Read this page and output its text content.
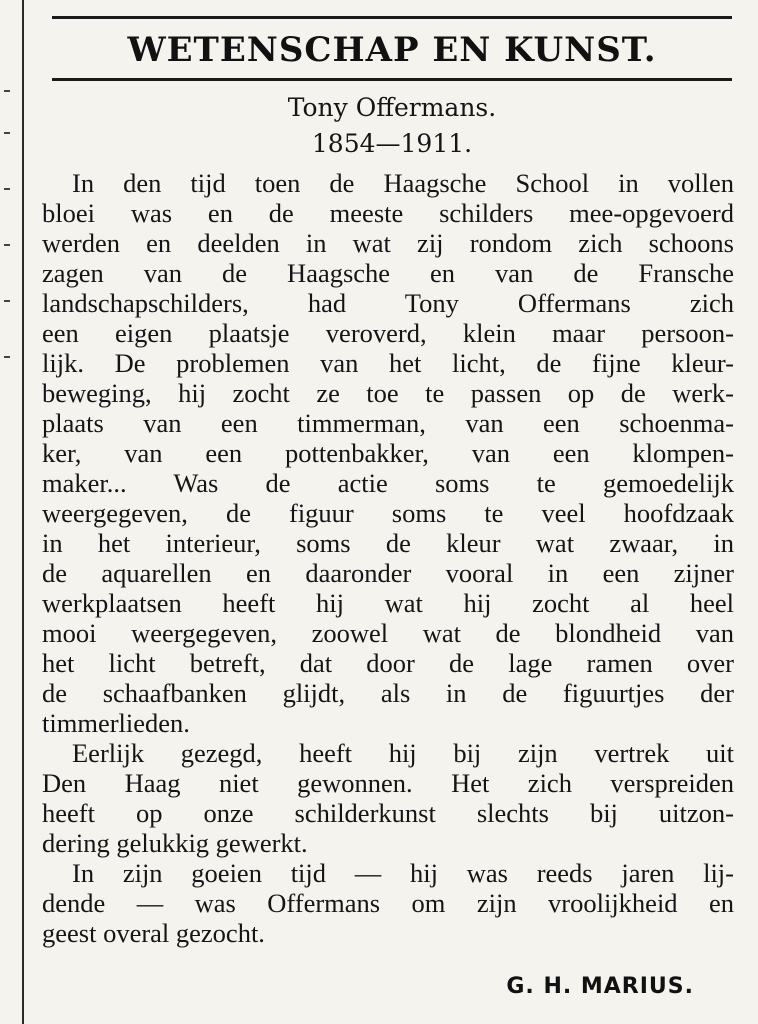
WETENSCHAP EN KUNST.
Tony Offermans.
1854—1911.
In den tijd toen de Haagsche School in vollen
bloei was en de meeste schilders mee-opgevoerd
werden en deelden in wat zij rondom zich schoons
zagen van de Haagsche en van de Fransche
landschapschilders, had Tony Offermans zich
een eigen plaatsje veroverd, klein maar persoon-
lijk. De problemen van het licht, de fijne kleur-
beweging, hij zocht ze toe te passen op de werk-
plaats van een timmerman, van een schoenma-
ker, van een pottenbakker, van een klompen-
maker... Was de actie soms te gemoedelijk
weergegeven, de figuur soms te veel hoofdzaak
in het interieur, soms de kleur wat zwaar, in
de aquarellen en daaronder vooral in een zijner
werkplaatsen heeft hij wat hij zocht al heel
mooi weergegeven, zoowel wat de blondheid van
het licht betreft, dat door de lage ramen over
de schaafbanken glijdt, als in de figuurtjes der
timmerlieden.
Eerlijk gezegd, heeft hij bij zijn vertrek uit
Den Haag niet gewonnen. Het zich verspreiden
heeft op onze schilderkunst slechts bij uitzon-
dering gelukkig gewerkt.
In zijn goeien tijd — hij was reeds jaren lij-
dende — was Offermans om zijn vroolijkheid en
geest overal gezocht.
G. H. MARIUS.
